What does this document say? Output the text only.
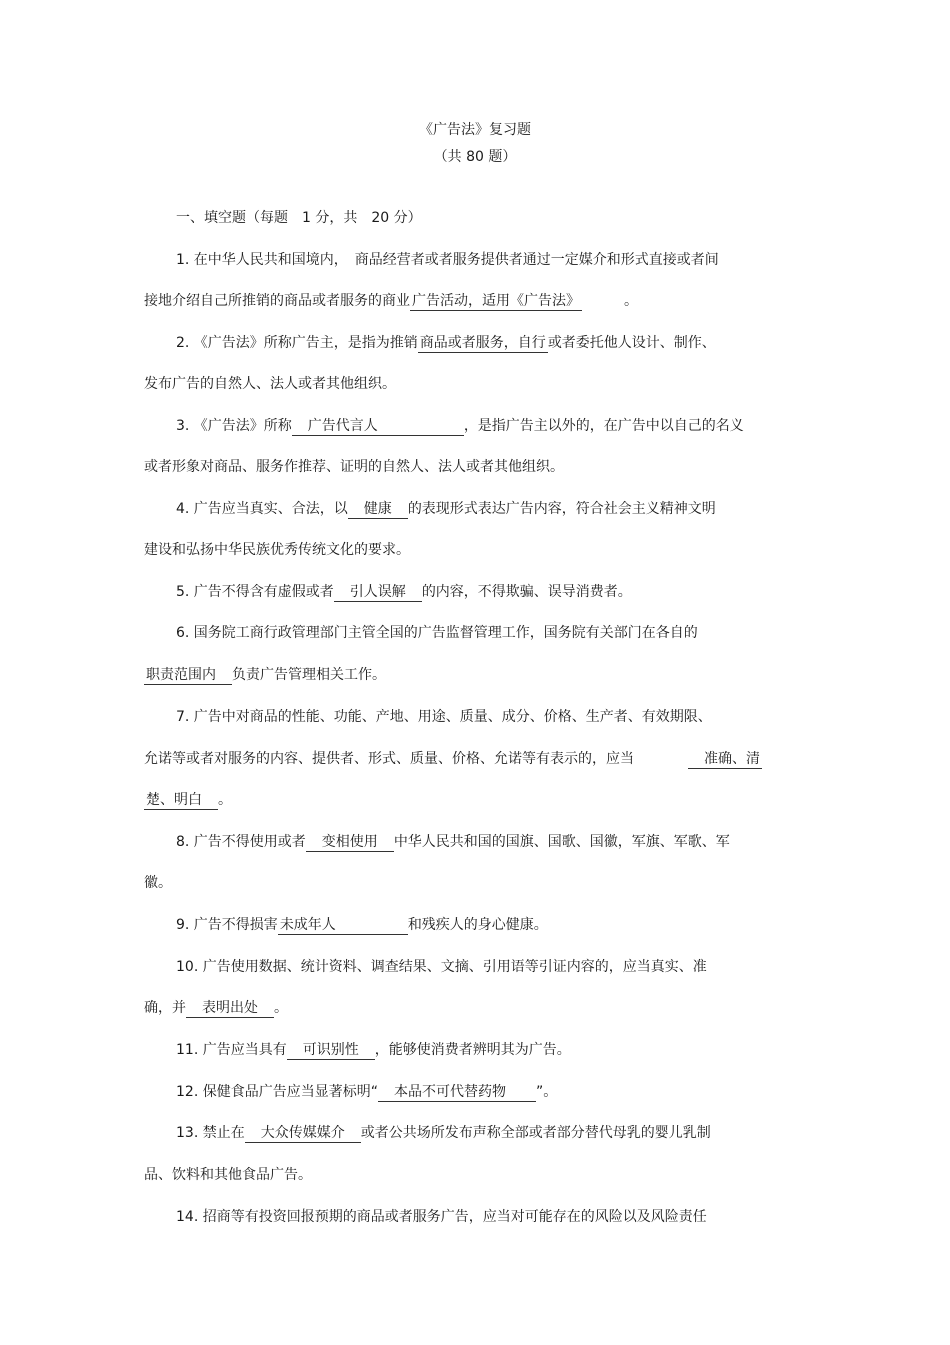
《广告法》复习题
（共 80 题）
一、填空题（每题　1 分，共　20 分）
1. 在中华人民共和国境内，　商品经营者或者服务提供者通过一定媒介和形式直接或者间
接地介绍自己所推销的商品或者服务的商业 广告活动，适用《广告法》　　　。
2. 《广告法》所称广告主，是指为推销 商品或者服务，自行 或者委托他人设计、制作、
发布广告的自然人、法人或者其他组织。
3. 《广告法》所称　广告代言人　　　　　　，是指广告主以外的，在广告中以自己的名义
或者形象对商品、服务作推荐、证明的自然人、法人或者其他组织。
4. 广告应当真实、合法，以　健康　的表现形式表达广告内容，符合社会主义精神文明
建设和弘扬中华民族优秀传统文化的要求。
5. 广告不得含有虚假或者　引人误解　的内容，不得欺骗、误导消费者。
6. 国务院工商行政管理部门主管全国的广告监督管理工作，国务院有关部门在各自的
职责范围内　负责广告管理相关工作。
7. 广告中对商品的性能、功能、产地、用途、质量、成分、价格、生产者、有效期限、
允诺等或者对服务的内容、提供者、形式、质量、价格、允诺等有表示的，应当	　准确、清
楚、明白　。
8. 广告不得使用或者　变相使用　中华人民共和国的国旗、国歌、国徽，军旗、军歌、军
徽。
9. 广告不得损害 未成年人　　　　　和残疾人的身心健康。
10. 广告使用数据、统计资料、调查结果、文摘、引用语等引证内容的，应当真实、准
确，并　表明出处　。
11. 广告应当具有　可识别性　，能够使消费者辨明其为广告。
12. 保健食品广告应当显著标明“　本品不可代替药物　　”。
13. 禁止在　大众传媒媒介　或者公共场所发布声称全部或者部分替代母乳的婴儿乳制
品、饮料和其他食品广告。
14. 招商等有投资回报预期的商品或者服务广告，应当对可能存在的风险以及风险责任
